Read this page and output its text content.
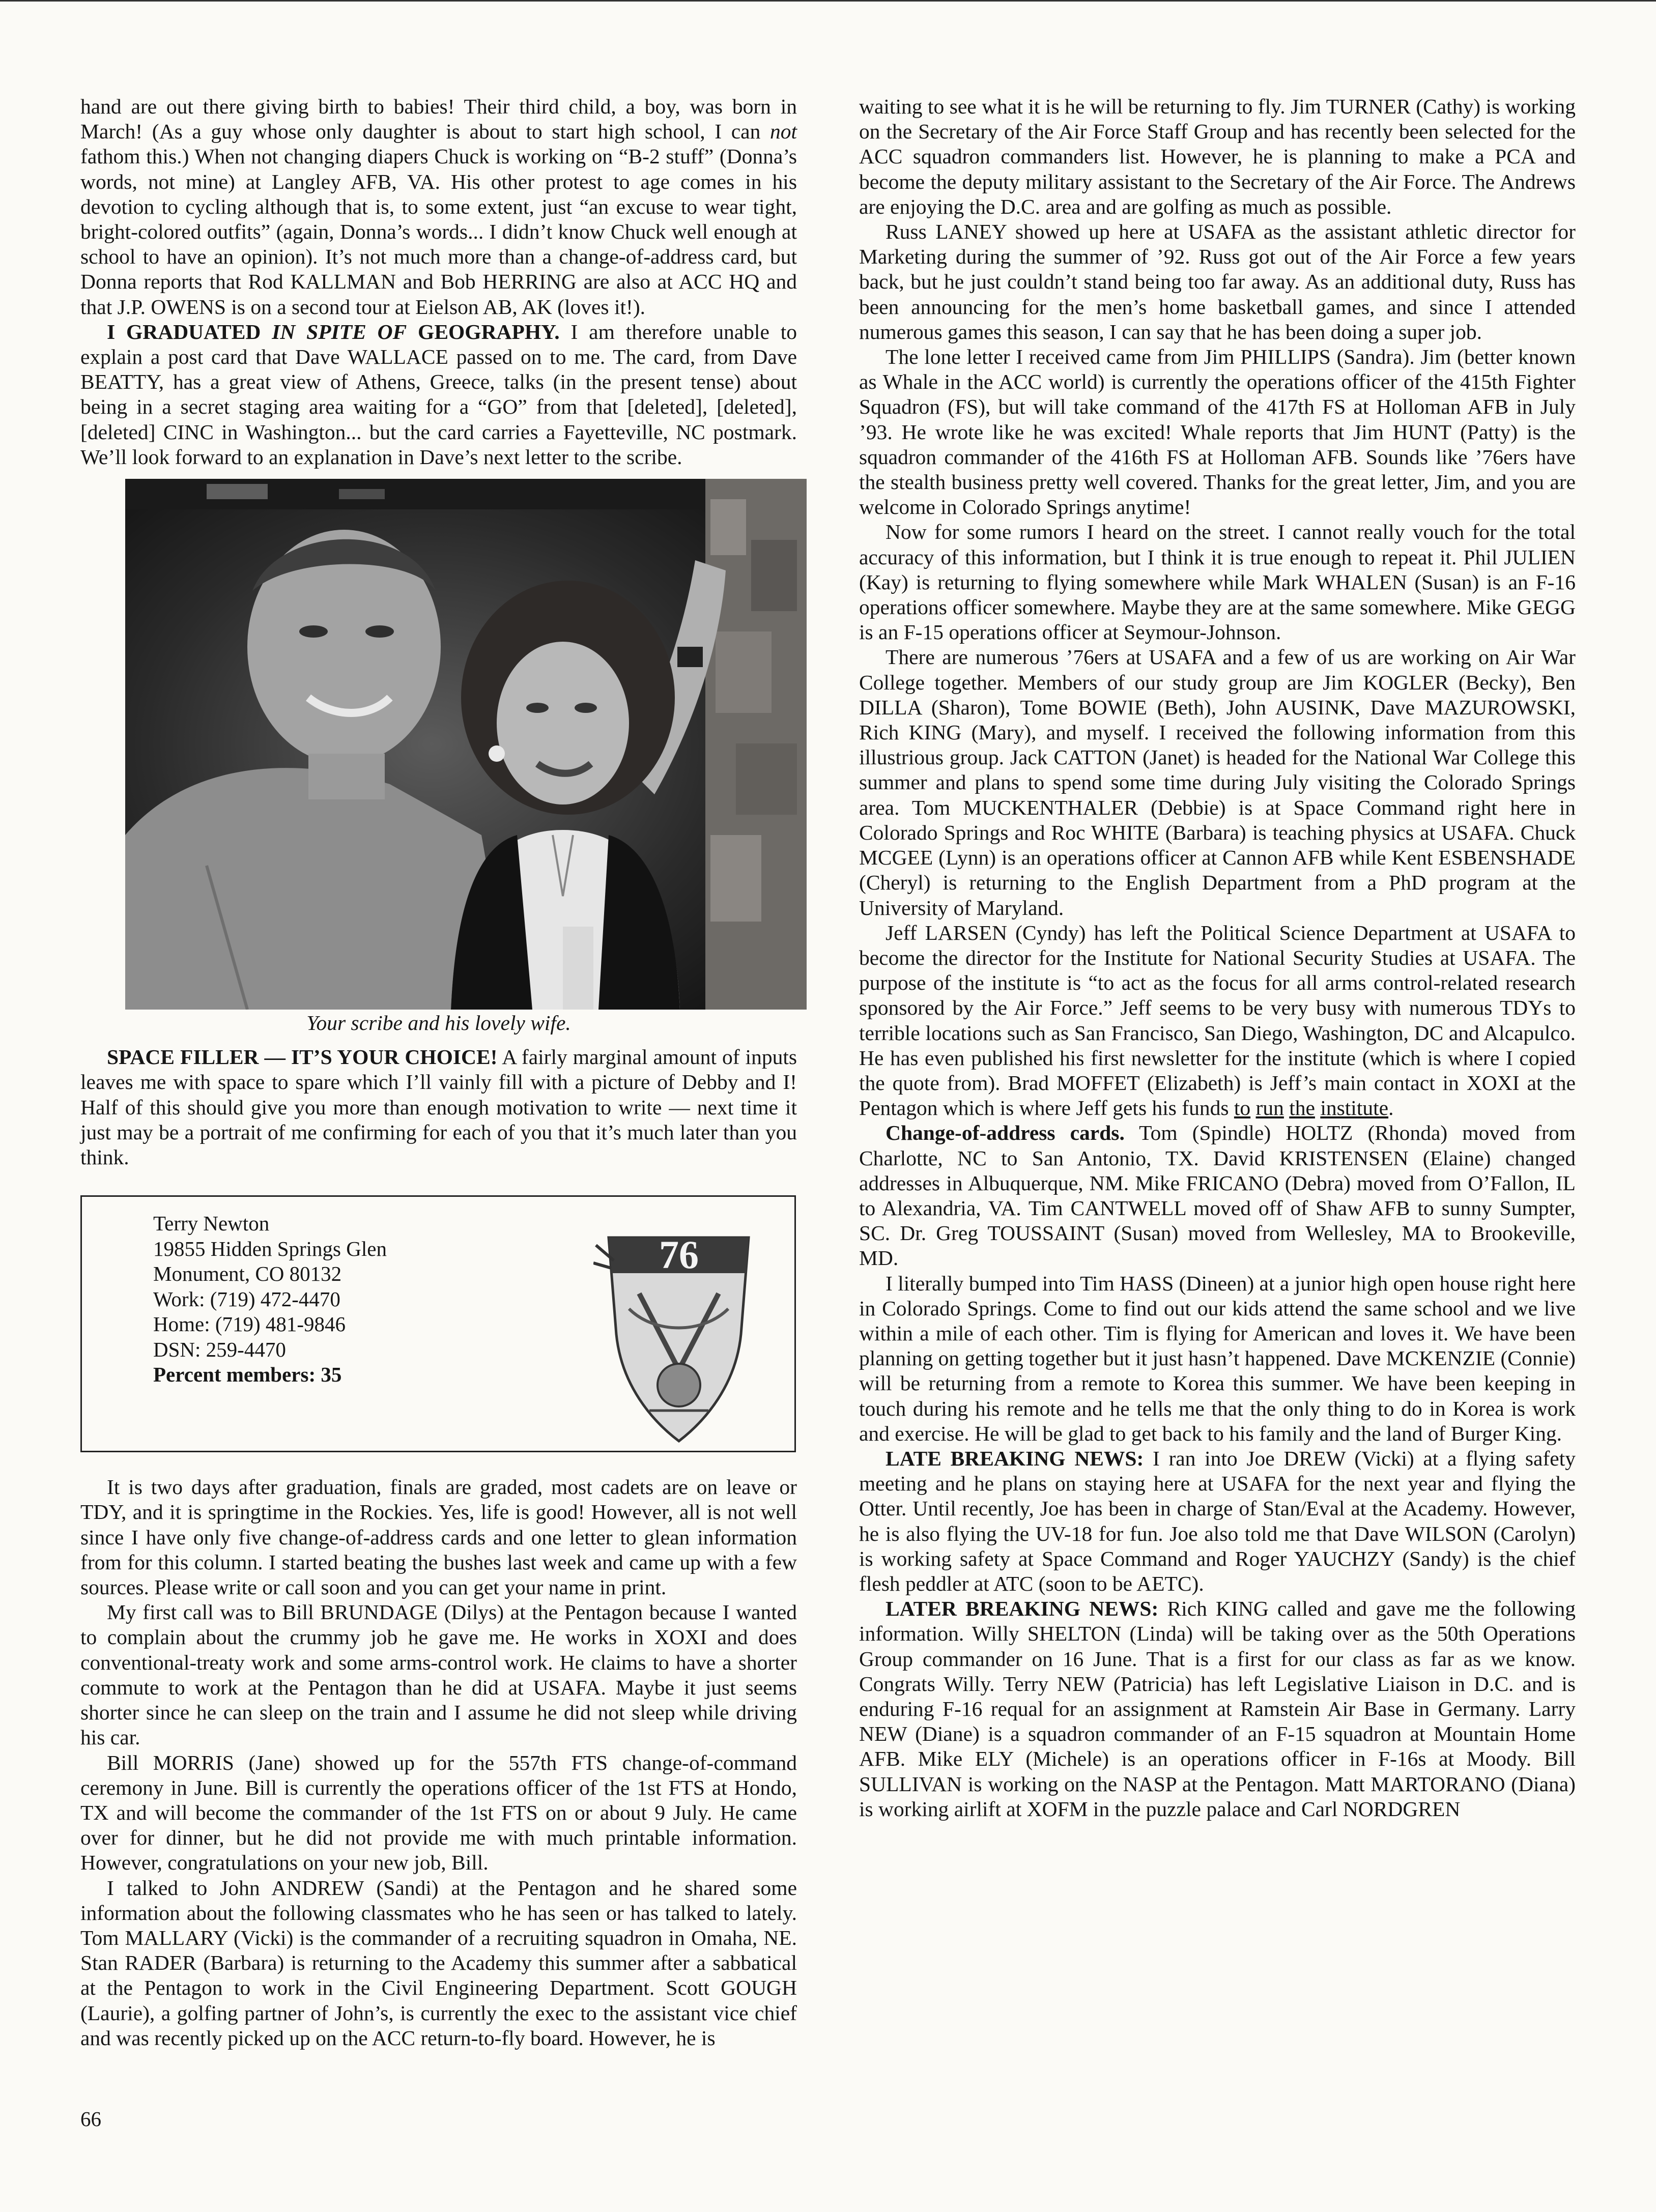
hand are out there giving birth to babies! Their third child, a boy, was born in March! (As a guy whose only daughter is about to start high school, I can not fathom this.) When not changing diapers Chuck is working on “B-2 stuff” (Donna’s words, not mine) at Langley AFB, VA. His other protest to age comes in his devotion to cycling although that is, to some extent, just “an excuse to wear tight, bright-colored outfits” (again, Donna’s words... I didn’t know Chuck well enough at school to have an opinion). It’s not much more than a change-of-address card, but Donna reports that Rod KALLMAN and Bob HERRING are also at ACC HQ and that J.P. OWENS is on a second tour at Eielson AB, AK (loves it!).

I GRADUATED IN SPITE OF GEOGRAPHY. I am therefore unable to explain a post card that Dave WALLACE passed on to me. The card, from Dave BEATTY, has a great view of Athens, Greece, talks (in the present tense) about being in a secret staging area waiting for a “GO” from that [deleted], [deleted], [deleted] CINC in Washington... but the card carries a Fayetteville, NC postmark. We’ll look forward to an explanation in Dave’s next letter to the scribe.

Your scribe and his lovely wife.

SPACE FILLER — IT’S YOUR CHOICE! A fairly marginal amount of inputs leaves me with space to spare which I’ll vainly fill with a picture of Debby and I! Half of this should give you more than enough motivation to write — next time it just may be a portrait of me confirming for each of you that it’s much later than you think.

Terry Newton
19855 Hidden Springs Glen
Monument, CO 80132
Work: (719) 472-4470
Home: (719) 481-9846
DSN: 259-4470
Percent members: 35
76

It is two days after graduation, finals are graded, most cadets are on leave or TDY, and it is springtime in the Rockies. Yes, life is good! However, all is not well since I have only five change-of-address cards and one letter to glean information from for this column. I started beating the bushes last week and came up with a few sources. Please write or call soon and you can get your name in print.

My first call was to Bill BRUNDAGE (Dilys) at the Pentagon because I wanted to complain about the crummy job he gave me. He works in XOXI and does conventional-treaty work and some arms-control work. He claims to have a shorter commute to work at the Pentagon than he did at USAFA. Maybe it just seems shorter since he can sleep on the train and I assume he did not sleep while driving his car.

Bill MORRIS (Jane) showed up for the 557th FTS change-of-command ceremony in June. Bill is currently the operations officer of the 1st FTS at Hondo, TX and will become the commander of the 1st FTS on or about 9 July. He came over for dinner, but he did not provide me with much printable information. However, congratulations on your new job, Bill.

I talked to John ANDREW (Sandi) at the Pentagon and he shared some information about the following classmates who he has seen or has talked to lately. Tom MALLARY (Vicki) is the commander of a recruiting squadron in Omaha, NE. Stan RADER (Barbara) is returning to the Academy this summer after a sabbatical at the Pentagon to work in the Civil Engineering Department. Scott GOUGH (Laurie), a golfing partner of John’s, is currently the exec to the assistant vice chief and was recently picked up on the ACC return-to-fly board. However, he is

waiting to see what it is he will be returning to fly. Jim TURNER (Cathy) is working on the Secretary of the Air Force Staff Group and has recently been selected for the ACC squadron commanders list. However, he is planning to make a PCA and become the deputy military assistant to the Secretary of the Air Force. The Andrews are enjoying the D.C. area and are golfing as much as possible.

Russ LANEY showed up here at USAFA as the assistant athletic director for Marketing during the summer of ’92. Russ got out of the Air Force a few years back, but he just couldn’t stand being too far away. As an additional duty, Russ has been announcing for the men’s home basketball games, and since I attended numerous games this season, I can say that he has been doing a super job.

The lone letter I received came from Jim PHILLIPS (Sandra). Jim (better known as Whale in the ACC world) is currently the operations officer of the 415th Fighter Squadron (FS), but will take command of the 417th FS at Holloman AFB in July ’93. He wrote like he was excited! Whale reports that Jim HUNT (Patty) is the squadron commander of the 416th FS at Holloman AFB. Sounds like ’76ers have the stealth business pretty well covered. Thanks for the great letter, Jim, and you are welcome in Colorado Springs anytime!

Now for some rumors I heard on the street. I cannot really vouch for the total accuracy of this information, but I think it is true enough to repeat it. Phil JULIEN (Kay) is returning to flying somewhere while Mark WHALEN (Susan) is an F-16 operations officer somewhere. Maybe they are at the same somewhere. Mike GEGG is an F-15 operations officer at Seymour-Johnson.

There are numerous ’76ers at USAFA and a few of us are working on Air War College together. Members of our study group are Jim KOGLER (Becky), Ben DILLA (Sharon), Tome BOWIE (Beth), John AUSINK, Dave MAZUROWSKI, Rich KING (Mary), and myself. I received the following information from this illustrious group. Jack CATTON (Janet) is headed for the National War College this summer and plans to spend some time during July visiting the Colorado Springs area. Tom MUCKENTHALER (Debbie) is at Space Command right here in Colorado Springs and Roc WHITE (Barbara) is teaching physics at USAFA. Chuck MCGEE (Lynn) is an operations officer at Cannon AFB while Kent ESBENSHADE (Cheryl) is returning to the English Department from a PhD program at the University of Maryland.

Jeff LARSEN (Cyndy) has left the Political Science Department at USAFA to become the director for the Institute for National Security Studies at USAFA. The purpose of the institute is “to act as the focus for all arms control-related research sponsored by the Air Force.” Jeff seems to be very busy with numerous TDYs to terrible locations such as San Francisco, San Diego, Washington, DC and Alcapulco. He has even published his first newsletter for the institute (which is where I copied the quote from). Brad MOFFET (Elizabeth) is Jeff’s main contact in XOXI at the Pentagon which is where Jeff gets his funds to run the institute.

Change-of-address cards. Tom (Spindle) HOLTZ (Rhonda) moved from Charlotte, NC to San Antonio, TX. David KRISTENSEN (Elaine) changed addresses in Albuquerque, NM. Mike FRICANO (Debra) moved from O’Fallon, IL to Alexandria, VA. Tim CANTWELL moved off of Shaw AFB to sunny Sumpter, SC. Dr. Greg TOUSSAINT (Susan) moved from Wellesley, MA to Brookeville, MD.

I literally bumped into Tim HASS (Dineen) at a junior high open house right here in Colorado Springs. Come to find out our kids attend the same school and we live within a mile of each other. Tim is flying for American and loves it. We have been planning on getting together but it just hasn’t happened. Dave MCKENZIE (Connie) will be returning from a remote to Korea this summer. We have been keeping in touch during his remote and he tells me that the only thing to do in Korea is work and exercise. He will be glad to get back to his family and the land of Burger King.

LATE BREAKING NEWS: I ran into Joe DREW (Vicki) at a flying safety meeting and he plans on staying here at USAFA for the next year and flying the Otter. Until recently, Joe has been in charge of Stan/Eval at the Academy. However, he is also flying the UV-18 for fun. Joe also told me that Dave WILSON (Carolyn) is working safety at Space Command and Roger YAUCHZY (Sandy) is the chief flesh peddler at ATC (soon to be AETC).

LATER BREAKING NEWS: Rich KING called and gave me the following information. Willy SHELTON (Linda) will be taking over as the 50th Operations Group commander on 16 June. That is a first for our class as far as we know. Congrats Willy. Terry NEW (Patricia) has left Legislative Liaison in D.C. and is enduring F-16 requal for an assignment at Ramstein Air Base in Germany. Larry NEW (Diane) is a squadron commander of an F-15 squadron at Mountain Home AFB. Mike ELY (Michele) is an operations officer in F-16s at Moody. Bill SULLIVAN is working on the NASP at the Pentagon. Matt MARTORANO (Diana) is working airlift at XOFM in the puzzle palace and Carl NORDGREN

66
